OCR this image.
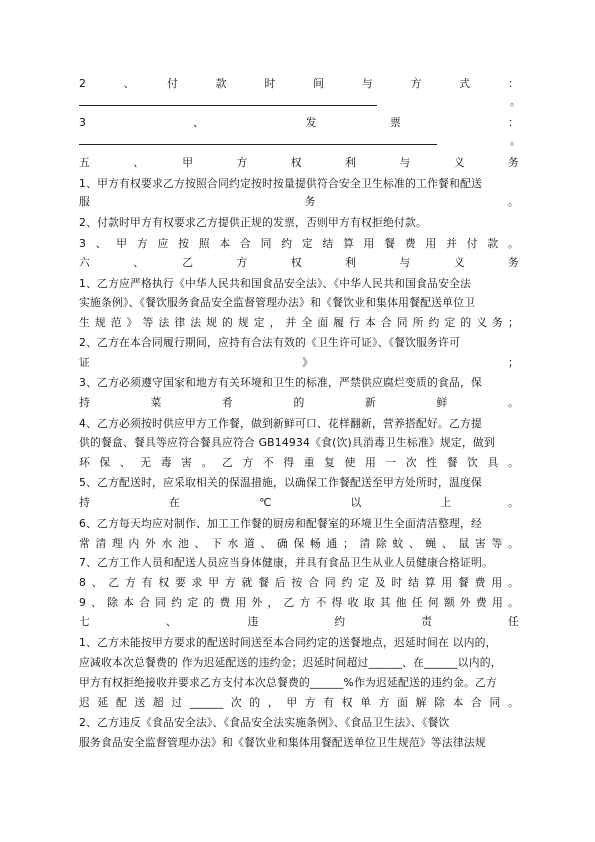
2　　、　　付　　款　　时　　间　　与　　方　　式　　：
。
3　　　　　　、　　　　　　发　　　　票　　　　　　：
。
五　　、　　甲　　方　　权　　利　　与　　义　　务
1、甲方有权要求乙方按照合同约定按时按量提供符合安全卫生标准的工作餐和配送
服　　　　　　　　　　　　　　　　　　　务　　　　　　　　　　　　　　　　　。
2、付款时甲方有权要求乙方提供正规的发票，否则甲方有权拒绝付款。
3、甲方应按照本合同约定结算用餐费用并付款。
六　　、　　乙　　方　　权　　利　　与　　义　　务
1、乙方应严格执行《中华人民共和国食品安全法》、《中华人民共和国食品安全法
实施条例》、《餐饮服务食品安全监督管理办法》和《餐饮业和集体用餐配送单位卫
生规范》等法律法规的规定，并全面履行本合同所约定的义务；
2、乙方在本合同履行期间，应持有合法有效的《卫生许可证》、《餐饮服务许可
证　　　　　　　　　　　　　　　　　　》　　　　　　　　　　　　　　　　　；
3、乙方必须遵守国家和地方有关环境和卫生的标准，严禁供应腐烂变质的食品，保
持　　　　　菜　　　　　肴　　　　　的　　　　　新　　　　　鲜　　　　　。
4、乙方必须按时供应甲方工作餐，做到新鲜可口、花样翻新，营养搭配好。乙方提
供的餐盒、餐具等应符合餐具应符合 GB14934《食(饮)具消毒卫生标准》规定，做到
环保、无毒害。乙方不得重复使用一次性餐饮具。
5、乙方配送时，应采取相关的保温措施，以确保工作餐配送至甲方处所时，温度保
持　　　　　　　在　　　　　　　℃　　　　　　　以　　　　　　　上　　　　　。
6、乙方每天均应对制作、加工工作餐的厨房和配餐室的环境卫生全面清洁整理，经
常清理内外水池、下水道、确保畅通；清除蚊、蝇、鼠害等。
7、乙方工作人员和配送人员应当身体健康，并具有食品卫生从业人员健康合格证明。
8、乙方有权要求甲方就餐后按合同约定及时结算用餐费用。
9、除本合同约定的费用外，乙方不得收取其他任何额外费用。
七　　　　、　　　　违　　　　约　　　　责　　　　任
1、乙方未能按甲方要求的配送时间送至本合同约定的送餐地点，迟延时间在 以内的，
应减收本次总餐费的 作为迟延配送的违约金；迟延时间超过______、在______以内的，
甲方有权拒绝接收并要求乙方支付本次总餐费的______%作为迟延配送的违约金。乙方
迟延配送超过______次的，甲方有权单方面解除本合同。
2、乙方违反《食品安全法》、《食品安全法实施条例》、《食品卫生法》、《餐饮
服务食品安全监督管理办法》和《餐饮业和集体用餐配送单位卫生规范》等法律法规
